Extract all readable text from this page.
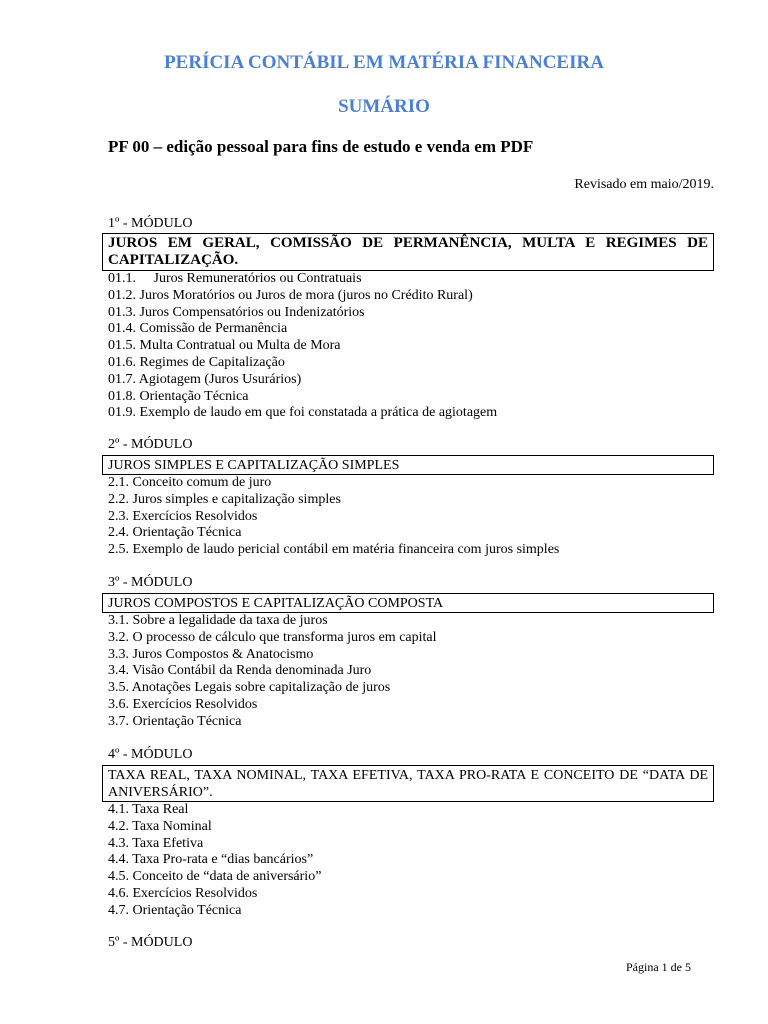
PERÍCIA CONTÁBIL EM MATÉRIA FINANCEIRA
SUMÁRIO
PF 00 – edição pessoal para fins de estudo e venda em PDF
Revisado em maio/2019.
1º - MÓDULO
JUROS EM GERAL, COMISSÃO DE PERMANÊNCIA, MULTA E REGIMES DE CAPITALIZAÇÃO.
01.1.     Juros Remuneratórios ou Contratuais
01.2. Juros Moratórios ou Juros de mora (juros no Crédito Rural)
01.3. Juros Compensatórios ou Indenizatórios
01.4. Comissão de Permanência
01.5. Multa Contratual ou Multa de Mora
01.6. Regimes de Capitalização
01.7. Agiotagem (Juros Usurários)
01.8. Orientação Técnica
01.9. Exemplo de laudo em que foi constatada a prática de agiotagem
2º - MÓDULO
JUROS SIMPLES E CAPITALIZAÇÃO SIMPLES
2.1. Conceito comum de juro
2.2. Juros simples e capitalização simples
2.3. Exercícios Resolvidos
2.4. Orientação Técnica
2.5. Exemplo de laudo pericial contábil em matéria financeira com juros simples
3º - MÓDULO
JUROS COMPOSTOS E CAPITALIZAÇÃO COMPOSTA
3.1. Sobre a legalidade da taxa de juros
3.2. O processo de cálculo que transforma juros em capital
3.3. Juros Compostos & Anatocismo
3.4. Visão Contábil da Renda denominada Juro
3.5. Anotações Legais sobre capitalização de juros
3.6. Exercícios Resolvidos
3.7. Orientação Técnica
4º - MÓDULO
TAXA REAL, TAXA NOMINAL, TAXA EFETIVA, TAXA PRO-RATA E CONCEITO DE “DATA DE ANIVERSÁRIO”.
4.1. Taxa Real
4.2. Taxa Nominal
4.3. Taxa Efetiva
4.4. Taxa Pro-rata e “dias bancários”
4.5. Conceito de “data de aniversário”
4.6. Exercícios Resolvidos
4.7. Orientação Técnica
5º - MÓDULO
Página 1 de 5
